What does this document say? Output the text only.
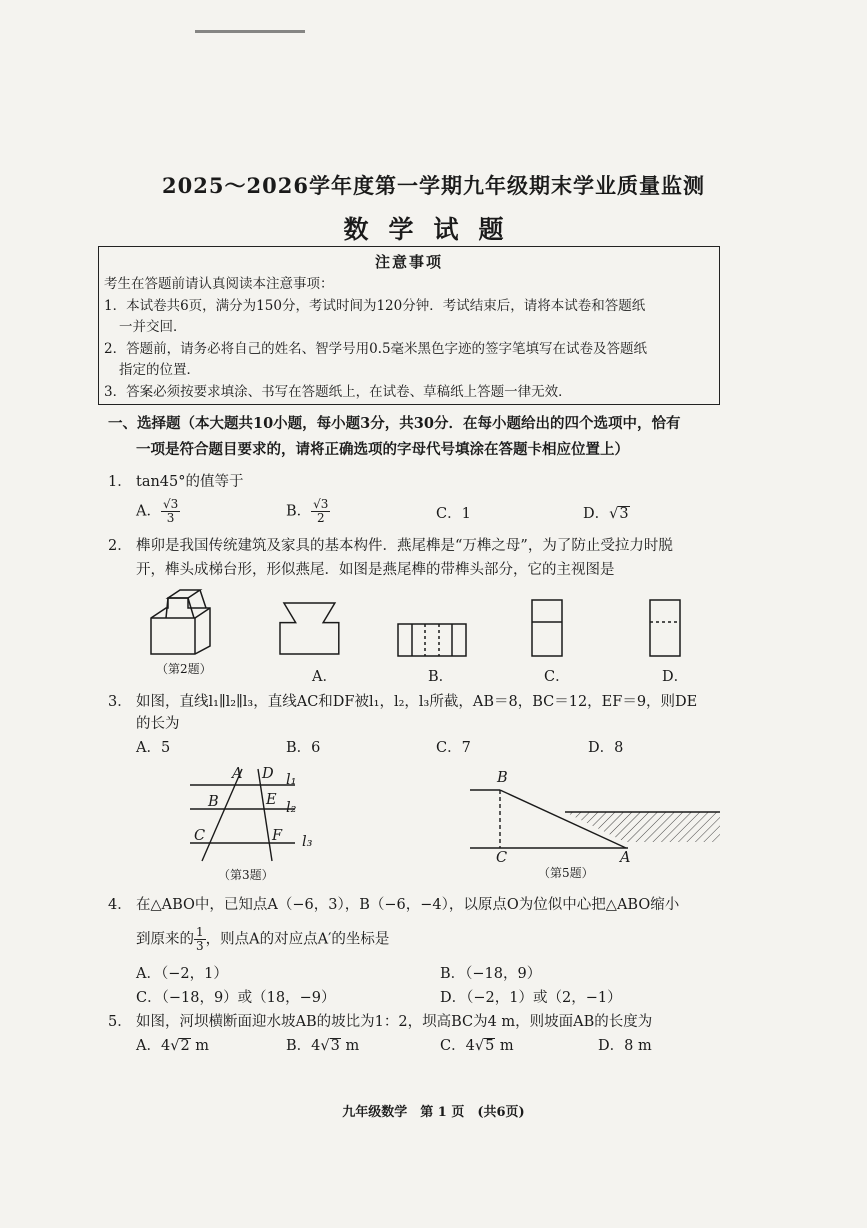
2025～2026学年度第一学期九年级期末学业质量监测
数学试题
注意事项
考生在答题前请认真阅读本注意事项：
1．本试卷共6页，满分为150分，考试时间为120分钟．考试结束后，请将本试卷和答题纸
一并交回．
2．答题前，请务必将自己的姓名、智学号用0.5毫米黑色字迹的签字笔填写在试卷及答题纸
指定的位置．
3．答案必须按要求填涂、书写在答题纸上，在试卷、草稿纸上答题一律无效．
一、选择题（本大题共10小题，每小题3分，共30分．在每小题给出的四个选项中，恰有
一项是符合题目要求的，请将正确选项的字母代号填涂在答题卡相应位置上）
1． tan45°的值等于
A． $\frac{√3}{3}$	B． $\frac{√3}{2}$	C．1	D．√3
2． 榫卯是我国传统建筑及家具的基本构件．燕尾榫是“万榫之母”，为了防止受拉力时脱
开，榫头成梯台形，形似燕尾．如图是燕尾榫的带榫头部分，它的主视图是
（第2题）	A．	B．	C．	D．
3． 如图，直线l₁∥l₂∥l₃，直线AC和DF被l₁，l₂，l₃所截，AB＝8，BC＝12，EF＝9，则DE
的长为
A．5	B．6	C．7	D．8
A D l₁
B	E l₂
C	F l₃
（第3题）
B
C	A
（第5题）
4． 在△ABO中，已知点A（−6，3），B（−6，−4），以原点O为位似中心把△ABO缩小
到原来的 $\frac{1}{3}$ ，则点A的对应点A′的坐标是
A．（−2，1）	B．（−18，9）
C．（−18，9）或（18，−9）	D．（−2，1）或（2，−1）
5． 如图，河坝横断面迎水坡AB的坡比为1：2，坝高BC为4 m，则坡面AB的长度为
A．4√2 m	B．4√3 m	C．4√5 m	D．8 m
九年级数学　第 1 页　(共6页)
